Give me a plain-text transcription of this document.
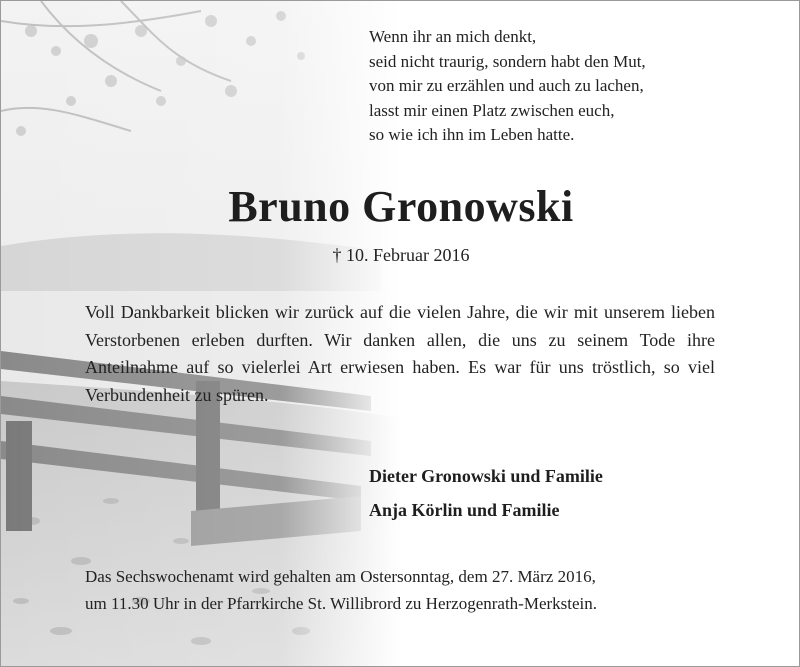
Wenn ihr an mich denkt,
seid nicht traurig, sondern habt den Mut,
von mir zu erzählen und auch zu lachen,
lasst mir einen Platz zwischen euch,
so wie ich ihn im Leben hatte.
Bruno Gronowski
† 10. Februar 2016
Voll Dankbarkeit blicken wir zurück auf die vielen Jahre, die wir mit unserem lieben Verstorbenen erleben durften. Wir danken allen, die uns zu seinem Tode ihre Anteilnahme auf so vielerlei Art erwiesen haben. Es war für uns tröstlich, so viel Verbundenheit zu spüren.
Dieter Gronowski und Familie
Anja Körlin und Familie
Das Sechswochenamt wird gehalten am Ostersonntag, dem 27. März 2016,
um 11.30 Uhr in der Pfarrkirche St. Willibrord zu Herzogenrath-Merkstein.
